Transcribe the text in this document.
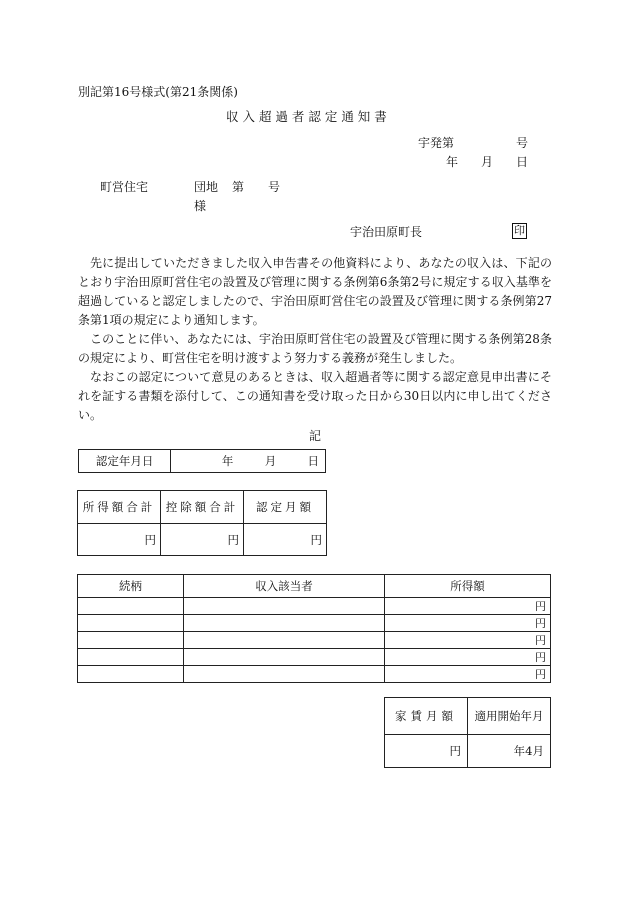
別記第16号様式(第21条関係)
収 入 超 過 者 認 定 通 知 書
宇発第	号
年 月 日
町営住宅	団地 第 号
様
宇治田原町長	印
先に提出していただきました収入申告書その他資料により、あなたの収入は、下記のとおり宇治田原町営住宅の設置及び管理に関する条例第6条第2号に規定する収入基準を超過していると認定しましたので、宇治田原町営住宅の設置及び管理に関する条例第27条第1項の規定により通知します。
このことに伴い、あなたには、宇治田原町営住宅の設置及び管理に関する条例第28条の規定により、町営住宅を明け渡すよう努力する義務が発生しました。
なおこの認定について意見のあるときは、収入超過者等に関する認定意見申出書にそれを証する書類を添付して、この通知書を受け取った日から30日以内に申し出てください。
記
認定年月日	年	月	日
所得額合計	控除額合計	認定月額
円	円	円
続柄	収入該当者	所得額

		円
		円
		円
		円
		円
家賃月額	適用開始年月
円	年4月
